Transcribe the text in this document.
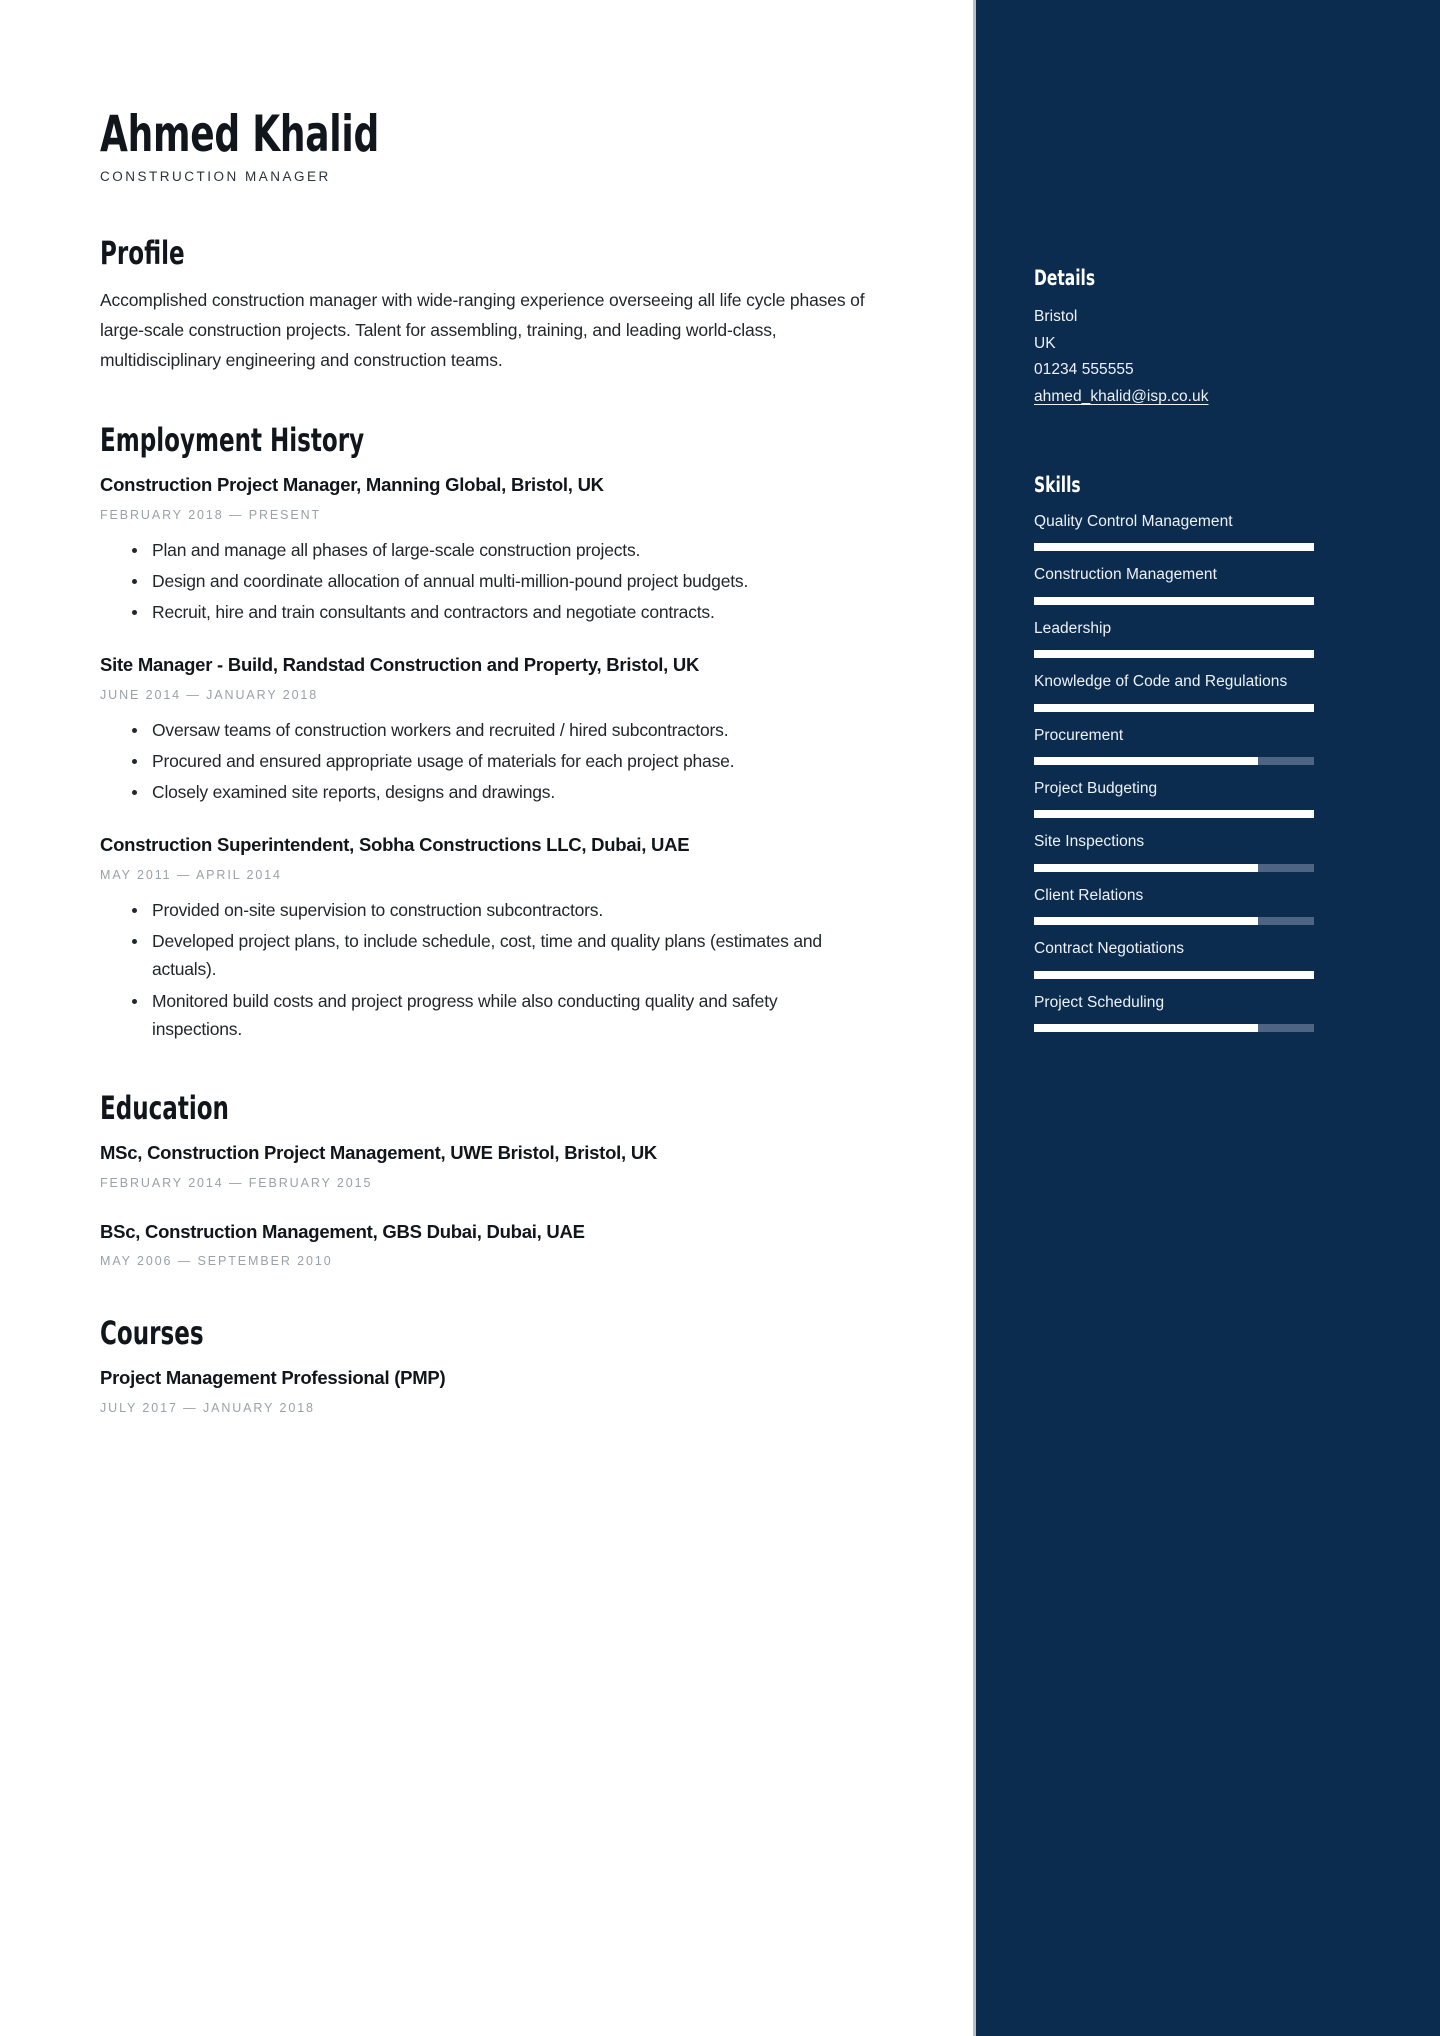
Ahmed Khalid
CONSTRUCTION MANAGER
Profile
Accomplished construction manager with wide-ranging experience overseeing all life cycle phases of large-scale construction projects. Talent for assembling, training, and leading world-class, multidisciplinary engineering and construction teams.
Employment History
Construction Project Manager, Manning Global, Bristol, UK
FEBRUARY 2018 — PRESENT
Plan and manage all phases of large-scale construction projects.
Design and coordinate allocation of annual multi-million-pound project budgets.
Recruit, hire and train consultants and contractors and negotiate contracts.
Site Manager - Build, Randstad Construction and Property, Bristol, UK
JUNE 2014 — JANUARY 2018
Oversaw teams of construction workers and recruited / hired subcontractors.
Procured and ensured appropriate usage of materials for each project phase.
Closely examined site reports, designs and drawings.
Construction Superintendent, Sobha Constructions LLC, Dubai, UAE
MAY 2011 — APRIL 2014
Provided on-site supervision to construction subcontractors.
Developed project plans, to include schedule, cost, time and quality plans (estimates and actuals).
Monitored build costs and project progress while also conducting quality and safety inspections.
Education
MSc, Construction Project Management, UWE Bristol, Bristol, UK
FEBRUARY 2014 — FEBRUARY 2015
BSc, Construction Management, GBS Dubai, Dubai, UAE
MAY 2006 — SEPTEMBER 2010
Courses
Project Management Professional (PMP)
JULY 2017 — JANUARY 2018
Details
Bristol
UK
01234 555555
ahmed_khalid@isp.co.uk
Skills
Quality Control Management
Construction Management
Leadership
Knowledge of Code and Regulations
Procurement
Project Budgeting
Site Inspections
Client Relations
Contract Negotiations
Project Scheduling
